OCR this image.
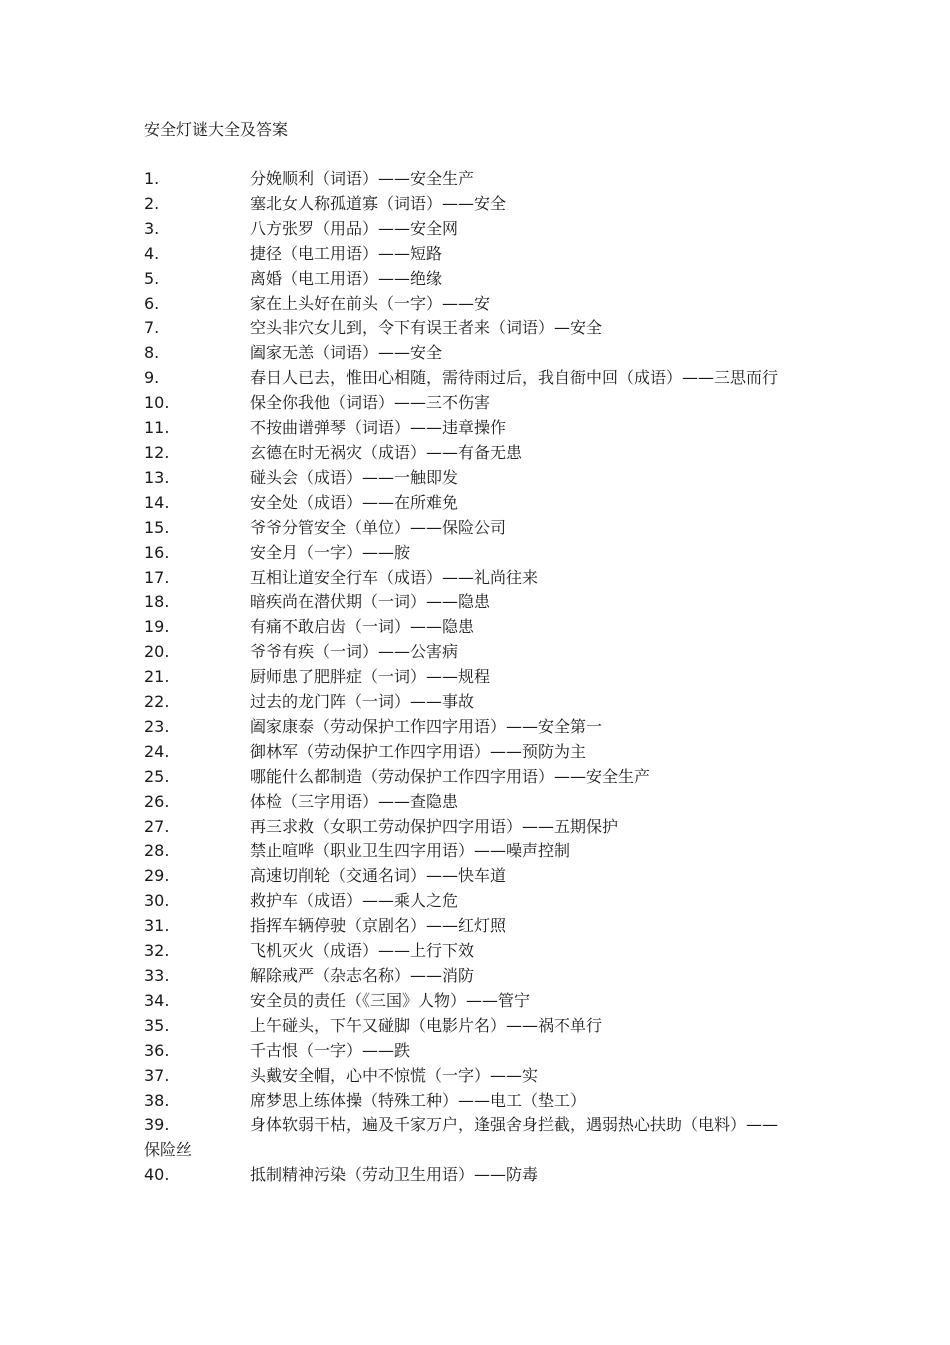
安全灯谜大全及答案
1.	分娩顺利（词语）——安全生产
2.	塞北女人称孤道寡（词语）——安全
3.	八方张罗（用品）——安全网
4.	捷径（电工用语）——短路
5.	离婚（电工用语）——绝缘
6.	家在上头好在前头（一字）——安
7.	空头非穴女儿到，令下有误王者来（词语）—安全
8.	阖家无恙（词语）——安全
9.	春日人已去，惟田心相随，需待雨过后，我自衙中回（成语）——三思而行
10.	保全你我他（词语）——三不伤害
11.	不按曲谱弹琴（词语）——违章操作
12.	玄德在时无祸灾（成语）——有备无患
13.	碰头会（成语）——一触即发
14.	安全处（成语）——在所难免
15.	爷爷分管安全（单位）——保险公司
16.	安全月（一字）——胺
17.	互相让道安全行车（成语）——礼尚往来
18.	暗疾尚在潜伏期（一词）——隐患
19.	有痛不敢启齿（一词）——隐患
20.	爷爷有疾（一词）——公害病
21.	厨师患了肥胖症（一词）——规程
22.	过去的龙门阵（一词）——事故
23.	阖家康泰（劳动保护工作四字用语）——安全第一
24.	御林军（劳动保护工作四字用语）——预防为主
25.	哪能什么都制造（劳动保护工作四字用语）——安全生产
26.	体检（三字用语）——查隐患
27.	再三求救（女职工劳动保护四字用语）——五期保护
28.	禁止喧哗（职业卫生四字用语）——噪声控制
29.	高速切削轮（交通名词）——快车道
30.	救护车（成语）——乘人之危
31.	指挥车辆停驶（京剧名）——红灯照
32.	飞机灭火（成语）——上行下效
33.	解除戒严（杂志名称）——消防
34.	安全员的责任（《三国》人物）——管宁
35.	上午碰头，下午又碰脚（电影片名）——祸不单行
36.	千古恨（一字）——跌
37.	头戴安全帽，心中不惊慌（一字）——实
38.	席梦思上练体操（特殊工种）——电工（垫工）
39.	身体软弱干枯，遍及千家万户，逢强舍身拦截，遇弱热心扶助（电料）——保险丝
40.	抵制精神污染（劳动卫生用语）——防毒
